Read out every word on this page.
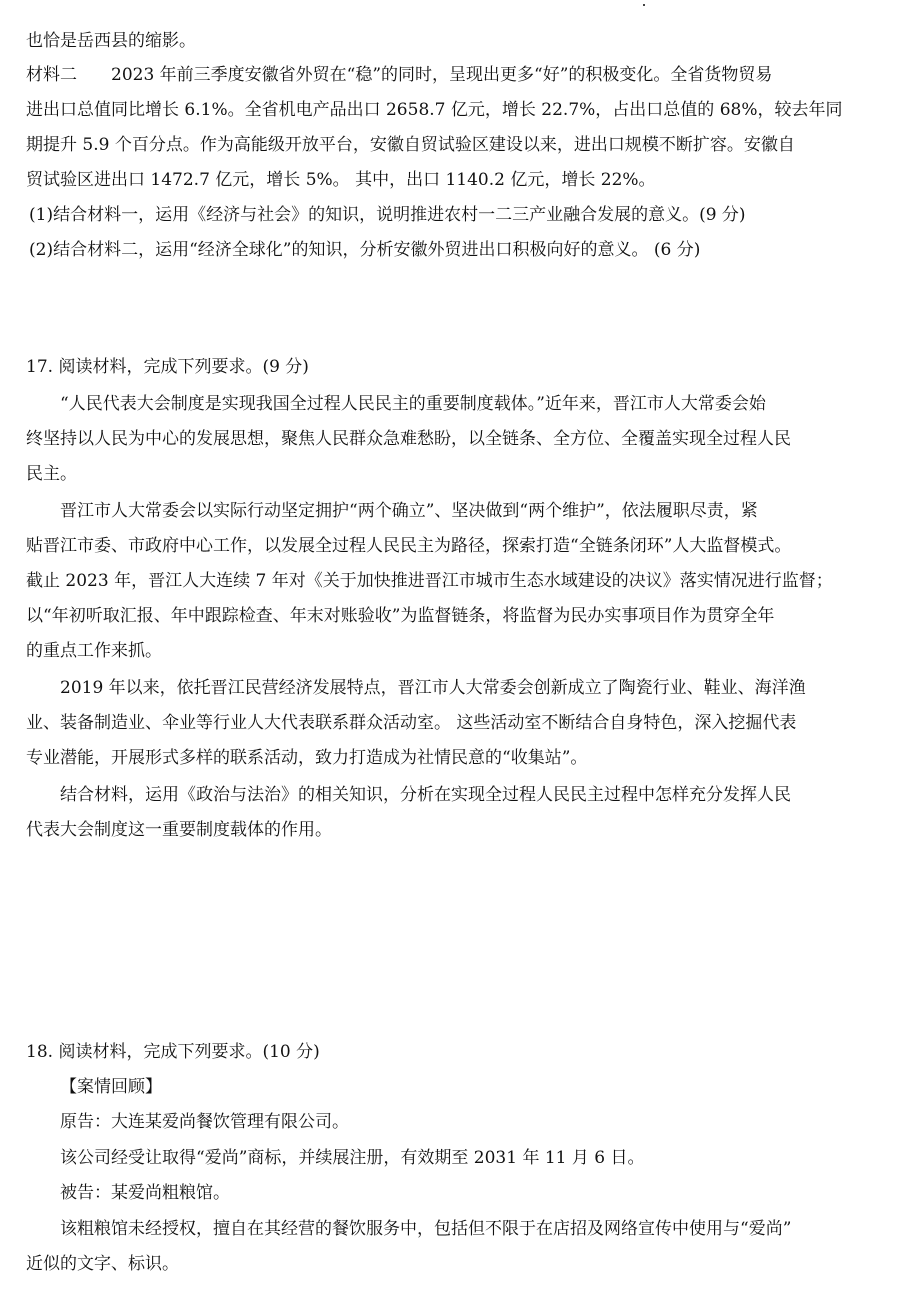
也恰是岳西县的缩影。
材料二　　2023 年前三季度安徽省外贸在“稳”的同时，呈现出更多“好”的积极变化。全省货物贸易
进出口总值同比增长 6.1%。全省机电产品出口 2658.7 亿元，增长 22.7%，占出口总值的 68%，较去年同
期提升 5.9 个百分点。作为高能级开放平台，安徽自贸试验区建设以来，进出口规模不断扩容。安徽自
贸试验区进出口 1472.7 亿元，增长 5%。 其中，出口 1140.2 亿元，增长 22%。
(1)结合材料一，运用《经济与社会》的知识，说明推进农村一二三产业融合发展的意义。(9 分)
(2)结合材料二，运用“经济全球化”的知识，分析安徽外贸进出口积极向好的意义。 (6 分)
17. 阅读材料，完成下列要求。(9 分)
“人民代表大会制度是实现我国全过程人民民主的重要制度载体。”近年来，晋江市人大常委会始
终坚持以人民为中心的发展思想，聚焦人民群众急难愁盼，以全链条、全方位、全覆盖实现全过程人民
民主。
晋江市人大常委会以实际行动坚定拥护“两个确立”、坚决做到“两个维护”，依法履职尽责，紧
贴晋江市委、市政府中心工作，以发展全过程人民民主为路径，探索打造“全链条闭环”人大监督模式。
截止 2023 年，晋江人大连续 7 年对《关于加快推进晋江市城市生态水域建设的决议》落实情况进行监督；
以“年初听取汇报、年中跟踪检查、年末对账验收”为监督链条，将监督为民办实事项目作为贯穿全年
的重点工作来抓。
2019 年以来，依托晋江民营经济发展特点，晋江市人大常委会创新成立了陶瓷行业、鞋业、海洋渔
业、装备制造业、伞业等行业人大代表联系群众活动室。 这些活动室不断结合自身特色，深入挖掘代表
专业潜能，开展形式多样的联系活动，致力打造成为社情民意的“收集站”。
结合材料，运用《政治与法治》的相关知识，分析在实现全过程人民民主过程中怎样充分发挥人民
代表大会制度这一重要制度载体的作用。
18. 阅读材料，完成下列要求。(10 分)
【案情回顾】
原告：大连某爱尚餐饮管理有限公司。
该公司经受让取得“爱尚”商标，并续展注册，有效期至 2031 年 11 月 6 日。
被告：某爱尚粗粮馆。
该粗粮馆未经授权，擅自在其经营的餐饮服务中，包括但不限于在店招及网络宣传中使用与“爱尚”
近似的文字、标识。
